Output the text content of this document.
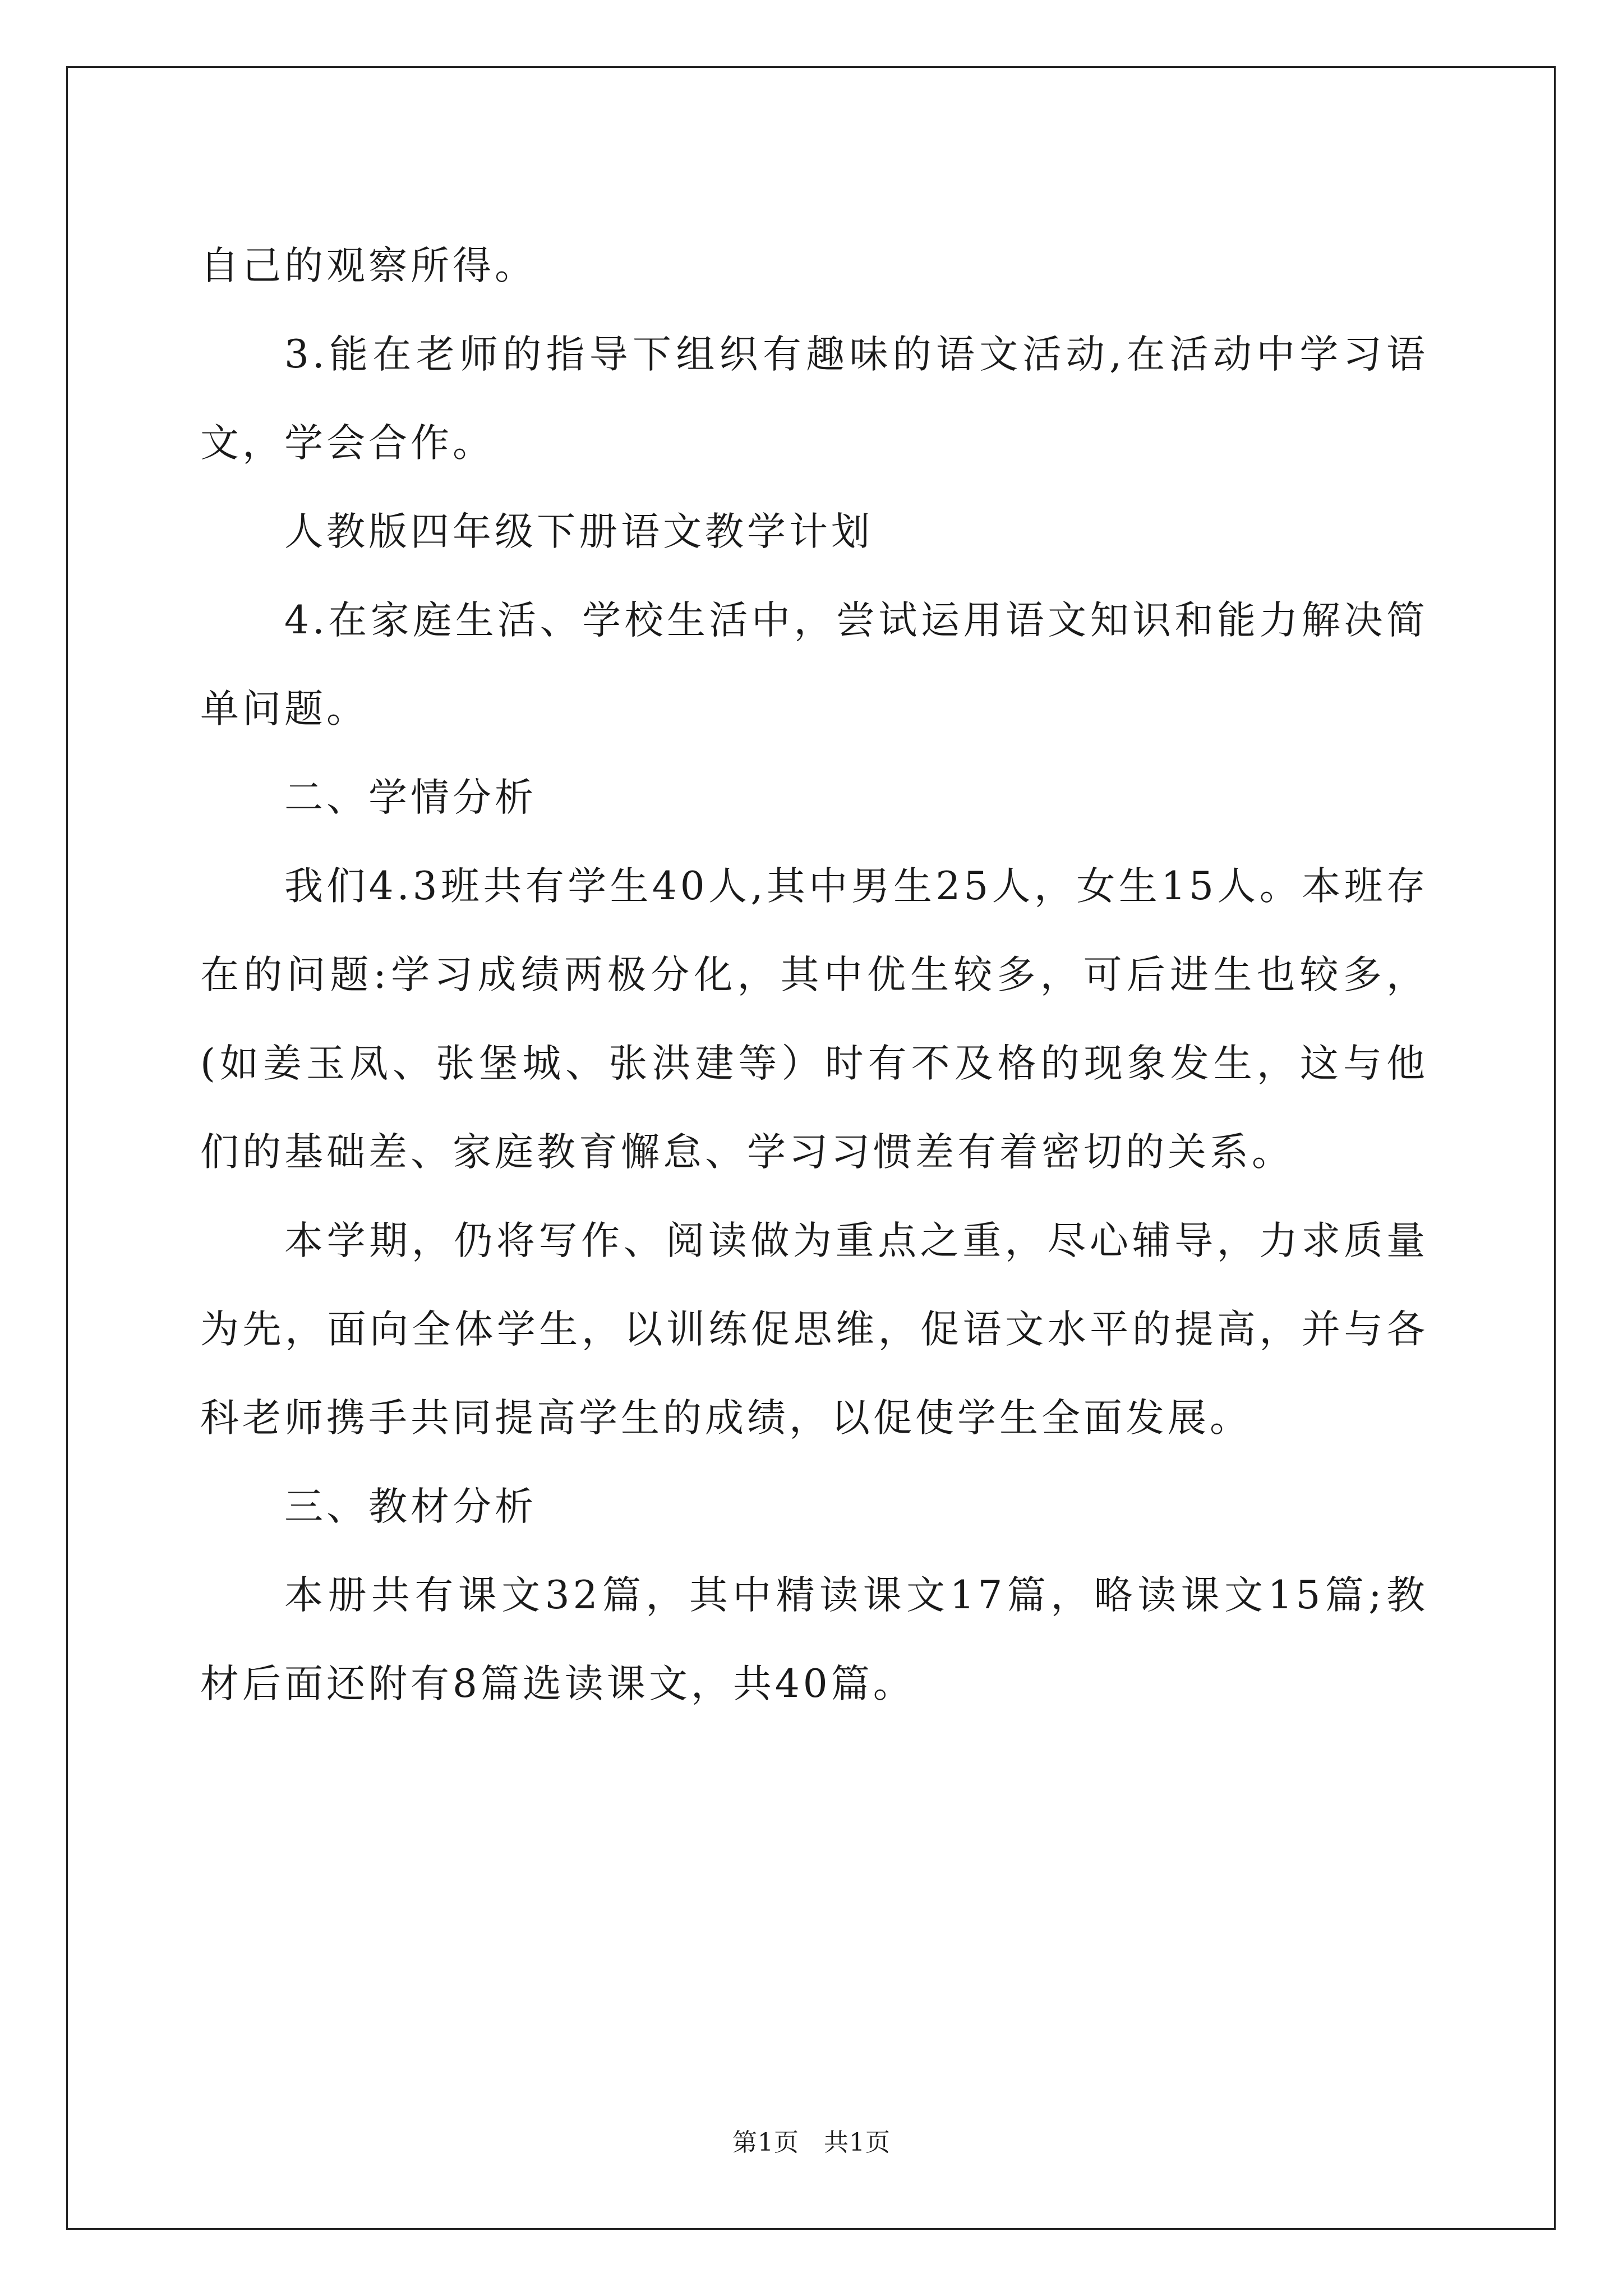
自己的观察所得。

3.能在老师的指导下组织有趣味的语文活动,在活动中学习语文，学会合作。

人教版四年级下册语文教学计划

4.在家庭生活、学校生活中，尝试运用语文知识和能力解决简单问题。

二、学情分析

我们4.3班共有学生40人,其中男生25人，女生15人。本班存在的问题:学习成绩两极分化，其中优生较多，可后进生也较多，(如姜玉凤、张堡城、张洪建等）时有不及格的现象发生，这与他们的基础差、家庭教育懈怠、学习习惯差有着密切的关系。

本学期，仍将写作、阅读做为重点之重，尽心辅导，力求质量为先，面向全体学生，以训练促思维，促语文水平的提高，并与各科老师携手共同提高学生的成绩，以促使学生全面发展。

三、教材分析

本册共有课文32篇，其中精读课文17篇，略读课文15篇;教材后面还附有8篇选读课文，共40篇。

第1页 共1页
